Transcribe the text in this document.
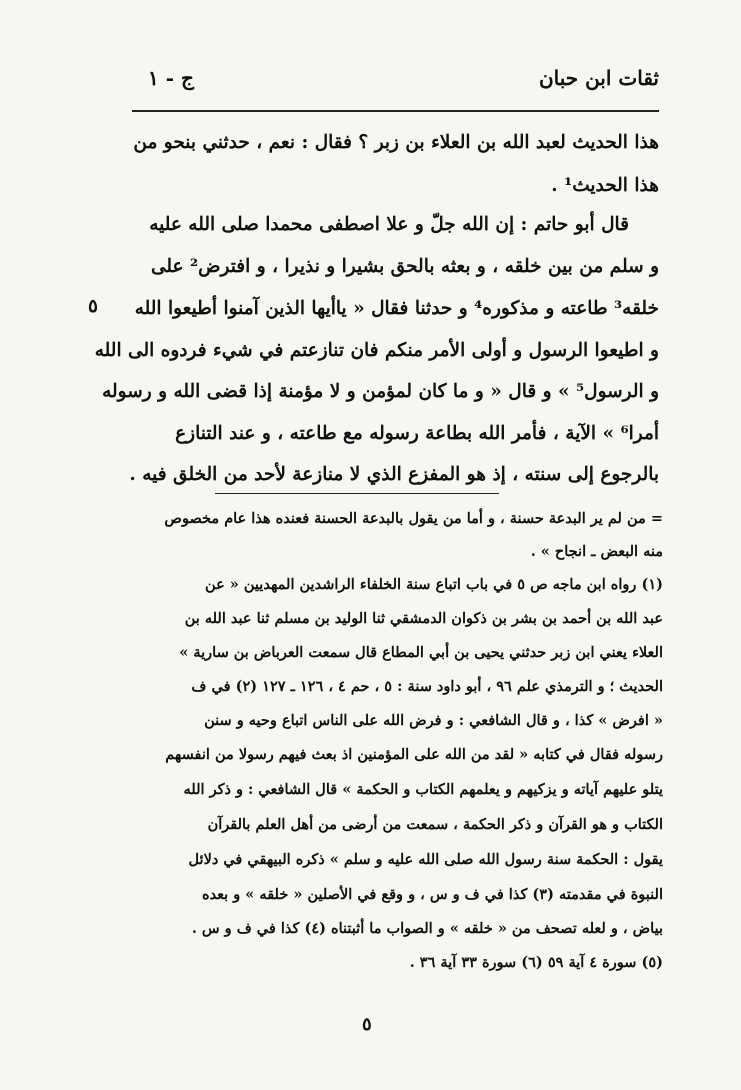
ثقات ابن حبان
ج - ١
هذا الحديث لعبد الله بن العلاء بن زبر ؟ فقال : نعم ، حدثني بنحو من
هذا الحديث¹ .
قال أبو حاتم : إن الله جلّ و علا اصطفى محمدا صلى الله عليه
و سلم من بين خلقه ، و بعثه بالحق بشيرا و نذيرا ، و افترض² على
خلقه³ طاعته و مذكوره⁴ و حدثنا فقال « ياأيها الذين آمنوا أطيعوا الله
٥
و اطيعوا الرسول و أولى الأمر منكم فان تنازعتم في شيء فردوه الى الله
و الرسول⁵ » و قال « و ما كان لمؤمن و لا مؤمنة إذا قضى الله و رسوله
أمرا⁶ » الآية ، فأمر الله بطاعة رسوله مع طاعته ، و عند التنازع
بالرجوع إلى سنته ، إذ هو المفزع الذي لا منازعة لأحد من الخلق فيه .
= من لم ير البدعة حسنة ، و أما من يقول بالبدعة الحسنة فعنده هذا عام مخصوص
منه البعض ـ انجاح » .
(١) رواه ابن ماجه ص ٥ في باب اتباع سنة الخلفاء الراشدين المهديين « عن
عبد الله بن أحمد بن بشر بن ذكوان الدمشقي ثنا الوليد بن مسلم ثنا عبد الله بن
العلاء يعني ابن زبر حدثني يحيى بن أبي المطاع قال سمعت العرباض بن سارية »
الحديث ؛ و الترمذي علم ٩٦ ، أبو داود سنة : ٥ ، حم ٤ ، ١٢٦ ـ ١٢٧ (٢) في ف
« افرض » كذا ، و قال الشافعي : و فرض الله على الناس اتباع وحيه و سنن
رسوله فقال في كتابه « لقد من الله على المؤمنين اذ بعث فيهم رسولا من انفسهم
يتلو عليهم آياته و يزكيهم و يعلمهم الكتاب و الحكمة » قال الشافعي : و ذكر الله
الكتاب و هو القرآن و ذكر الحكمة ، سمعت من أرضى من أهل العلم بالقرآن
يقول : الحكمة سنة رسول الله صلى الله عليه و سلم » ذكره البيهقي في دلائل
النبوة في مقدمته (٣) كذا في ف و س ، و وقع في الأصلين « خلقه » و بعده
بياض ، و لعله تصحف من « خلقه » و الصواب ما أثبتناه (٤) كذا في ف و س .
(٥) سورة ٤ آية ٥٩ (٦) سورة ٣٣ آية ٣٦ .
٥
